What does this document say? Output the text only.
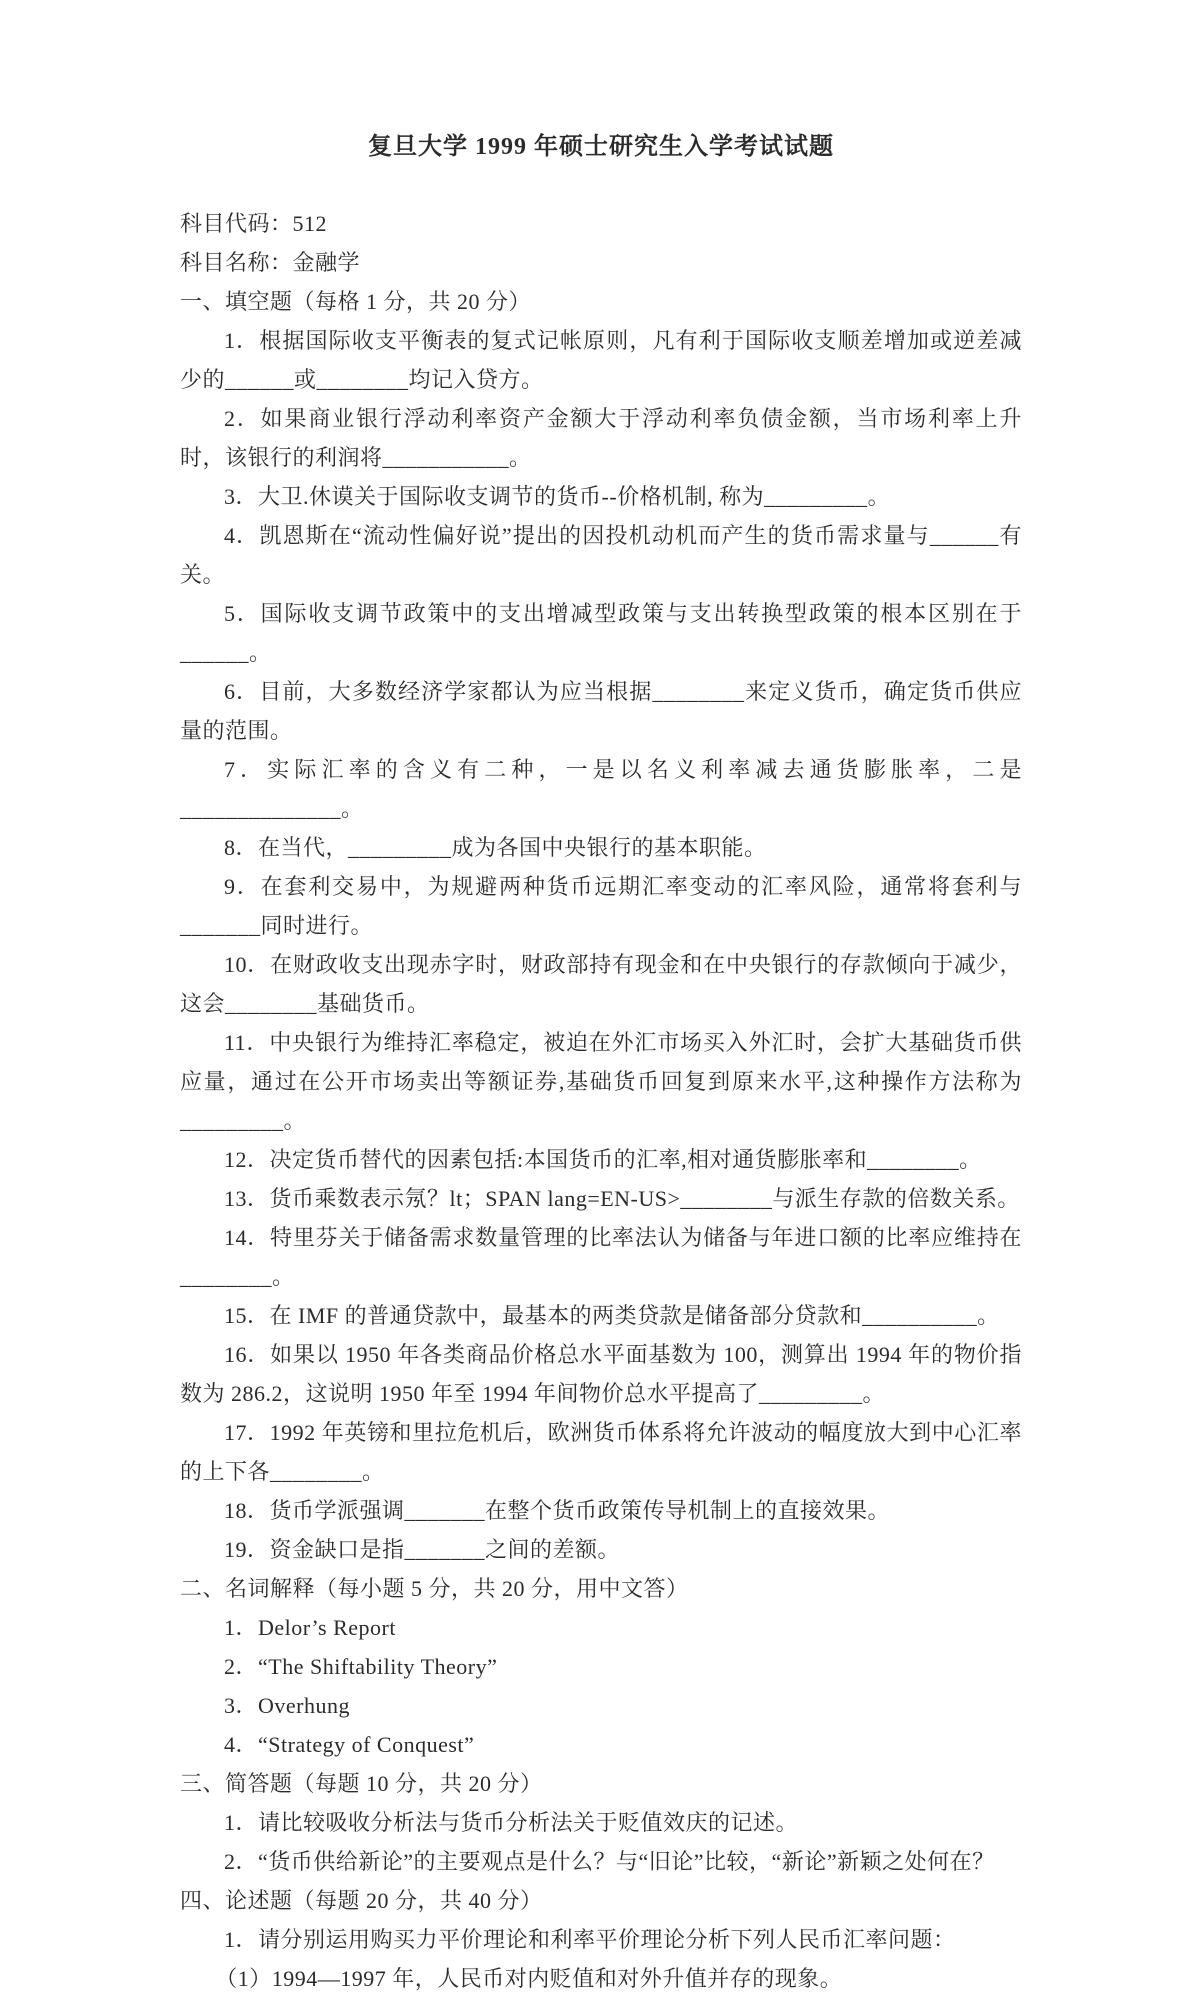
复旦大学 1999 年硕士研究生入学考试试题

科目代码：512

科目名称：金融学

一、填空题（每格 1 分，共 20 分）

1．根据国际收支平衡表的复式记帐原则，凡有利于国际收支顺差增加或逆差减少的______或________均记入贷方。

2．如果商业银行浮动利率资产金额大于浮动利率负债金额，当市场利率上升时，该银行的利润将___________。

3．大卫.休谟关于国际收支调节的货币--价格机制, 称为_________。

4．凯恩斯在“流动性偏好说”提出的因投机动机而产生的货币需求量与______有关。

5．国际收支调节政策中的支出增减型政策与支出转换型政策的根本区别在于______。

6．目前，大多数经济学家都认为应当根据________来定义货币，确定货币供应量的范围。

7．实际汇率的含义有二种，一是以名义利率减去通货膨胀率，二是______________。

8．在当代，_________成为各国中央银行的基本职能。

9．在套利交易中，为规避两种货币远期汇率变动的汇率风险，通常将套利与_______同时进行。

10．在财政收支出现赤字时，财政部持有现金和在中央银行的存款倾向于减少，这会________基础货币。

11．中央银行为维持汇率稳定，被迫在外汇市场买入外汇时，会扩大基础货币供应量，通过在公开市场卖出等额证券,基础货币回复到原来水平,这种操作方法称为_________。

12．决定货币替代的因素包括:本国货币的汇率,相对通货膨胀率和________。

13．货币乘数表示氖？lt；SPAN lang=EN-US>________与派生存款的倍数关系。

14．特里芬关于储备需求数量管理的比率法认为储备与年进口额的比率应维持在________。

15．在 IMF 的普通贷款中，最基本的两类贷款是储备部分贷款和__________。

16．如果以 1950 年各类商品价格总水平面基数为 100，测算出 1994 年的物价指数为 286.2，这说明 1950 年至 1994 年间物价总水平提高了_________。

17．1992 年英镑和里拉危机后，欧洲货币体系将允许波动的幅度放大到中心汇率的上下各________。

18．货币学派强调_______在整个货币政策传导机制上的直接效果。

19．资金缺口是指_______之间的差额。

二、名词解释（每小题 5 分，共 20 分，用中文答）

1．Delor’s Report

2．“The Shiftability Theory”

3．Overhung

4．“Strategy of Conquest”

三、简答题（每题 10 分，共 20 分）

1．请比较吸收分析法与货币分析法关于贬值效庆的记述。

2．“货币供给新论”的主要观点是什么？与“旧论”比较，“新论”新颖之处何在？

四、论述题（每题 20 分，共 40 分）

1．请分别运用购买力平价理论和利率平价理论分析下列人民币汇率问题：

（1）1994—1997 年，人民币对内贬值和对外升值并存的现象。
